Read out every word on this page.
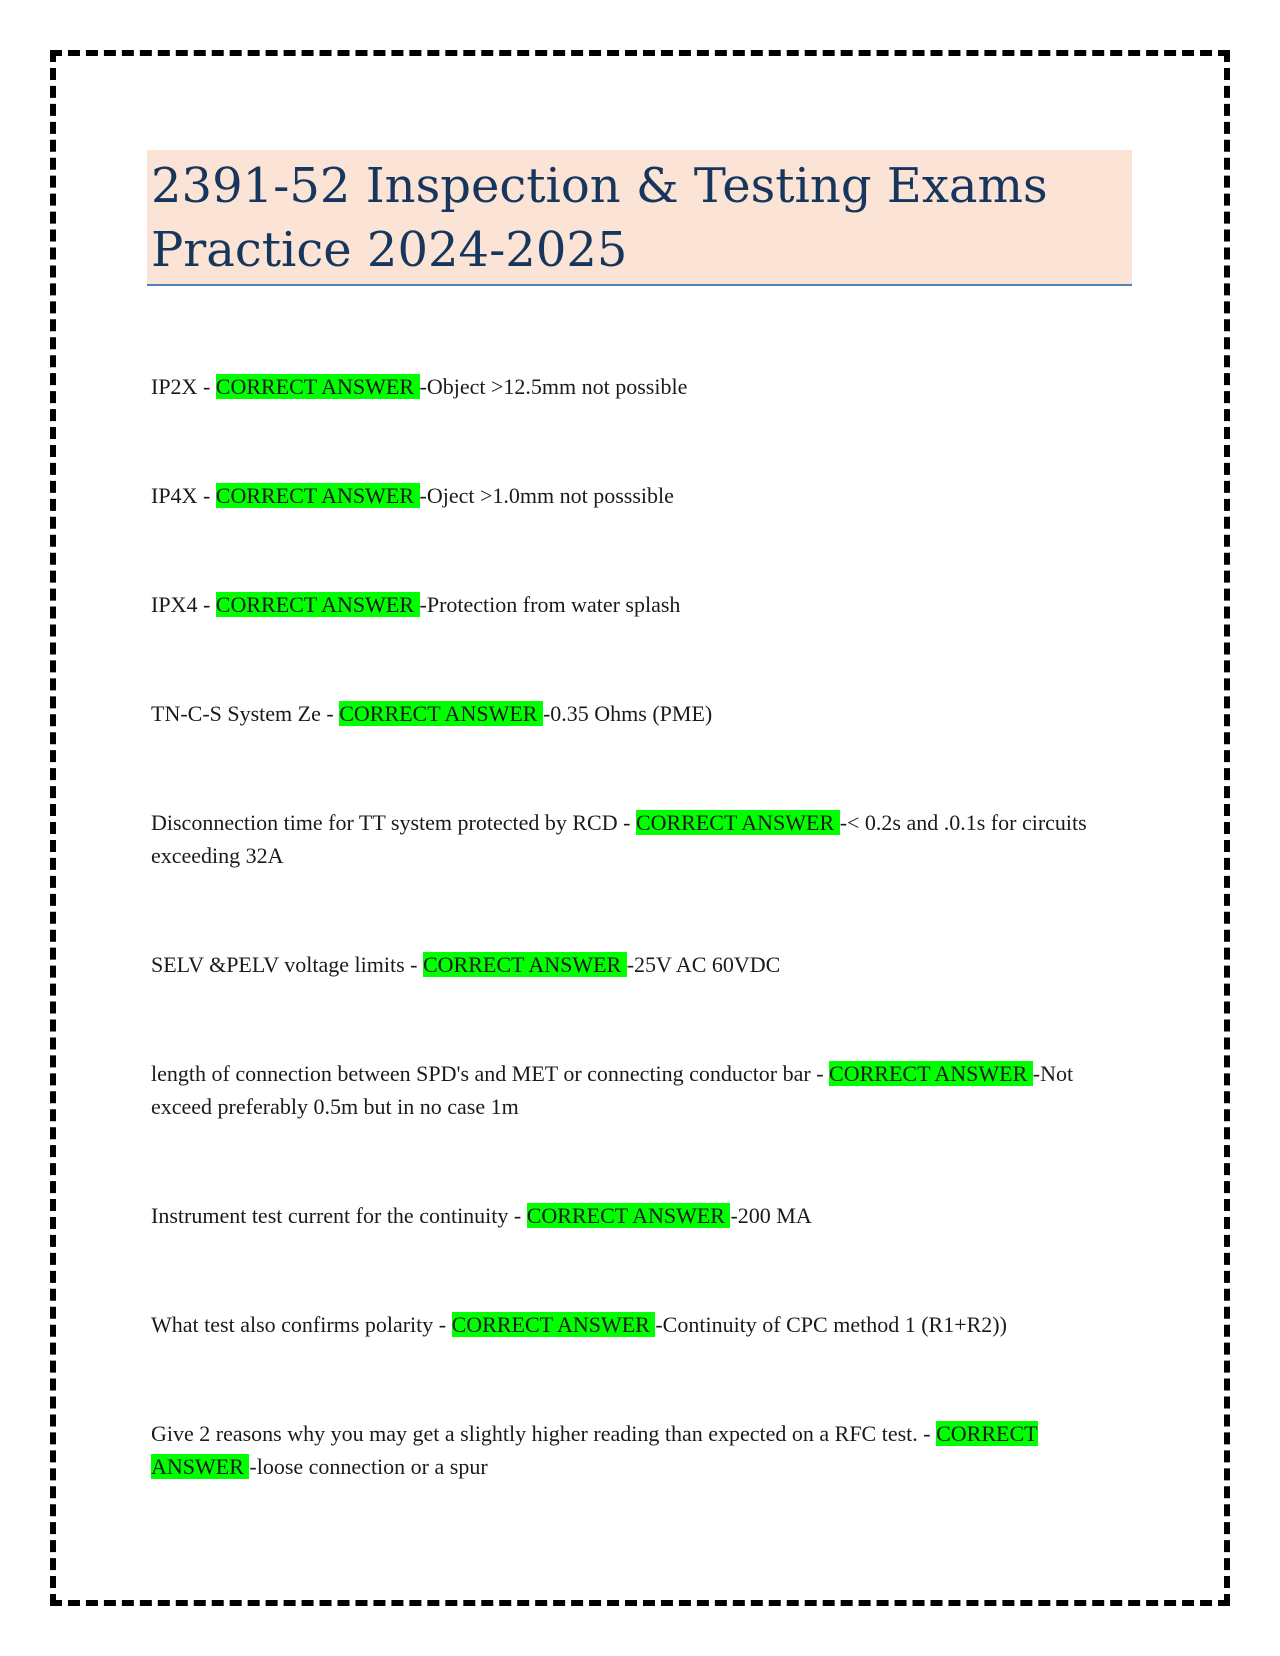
2391-52 Inspection & Testing Exams
Practice 2024-2025

IP2X - CORRECT ANSWER -Object >12.5mm not possible

IP4X - CORRECT ANSWER -Oject >1.0mm not posssible

IPX4 - CORRECT ANSWER -Protection from water splash

TN-C-S System Ze - CORRECT ANSWER -0.35 Ohms (PME)

Disconnection time for TT system protected by RCD - CORRECT ANSWER -< 0.2s and .0.1s for circuits exceeding 32A

SELV &PELV voltage limits - CORRECT ANSWER -25V AC 60VDC

length of connection between SPD's and MET or connecting conductor bar - CORRECT ANSWER -Not exceed preferably 0.5m but in no case 1m

Instrument test current for the continuity - CORRECT ANSWER -200 MA

What test also confirms polarity - CORRECT ANSWER -Continuity of CPC method 1 (R1+R2))

Give 2 reasons why you may get a slightly higher reading than expected on a RFC test. - CORRECT ANSWER -loose connection or a spur
